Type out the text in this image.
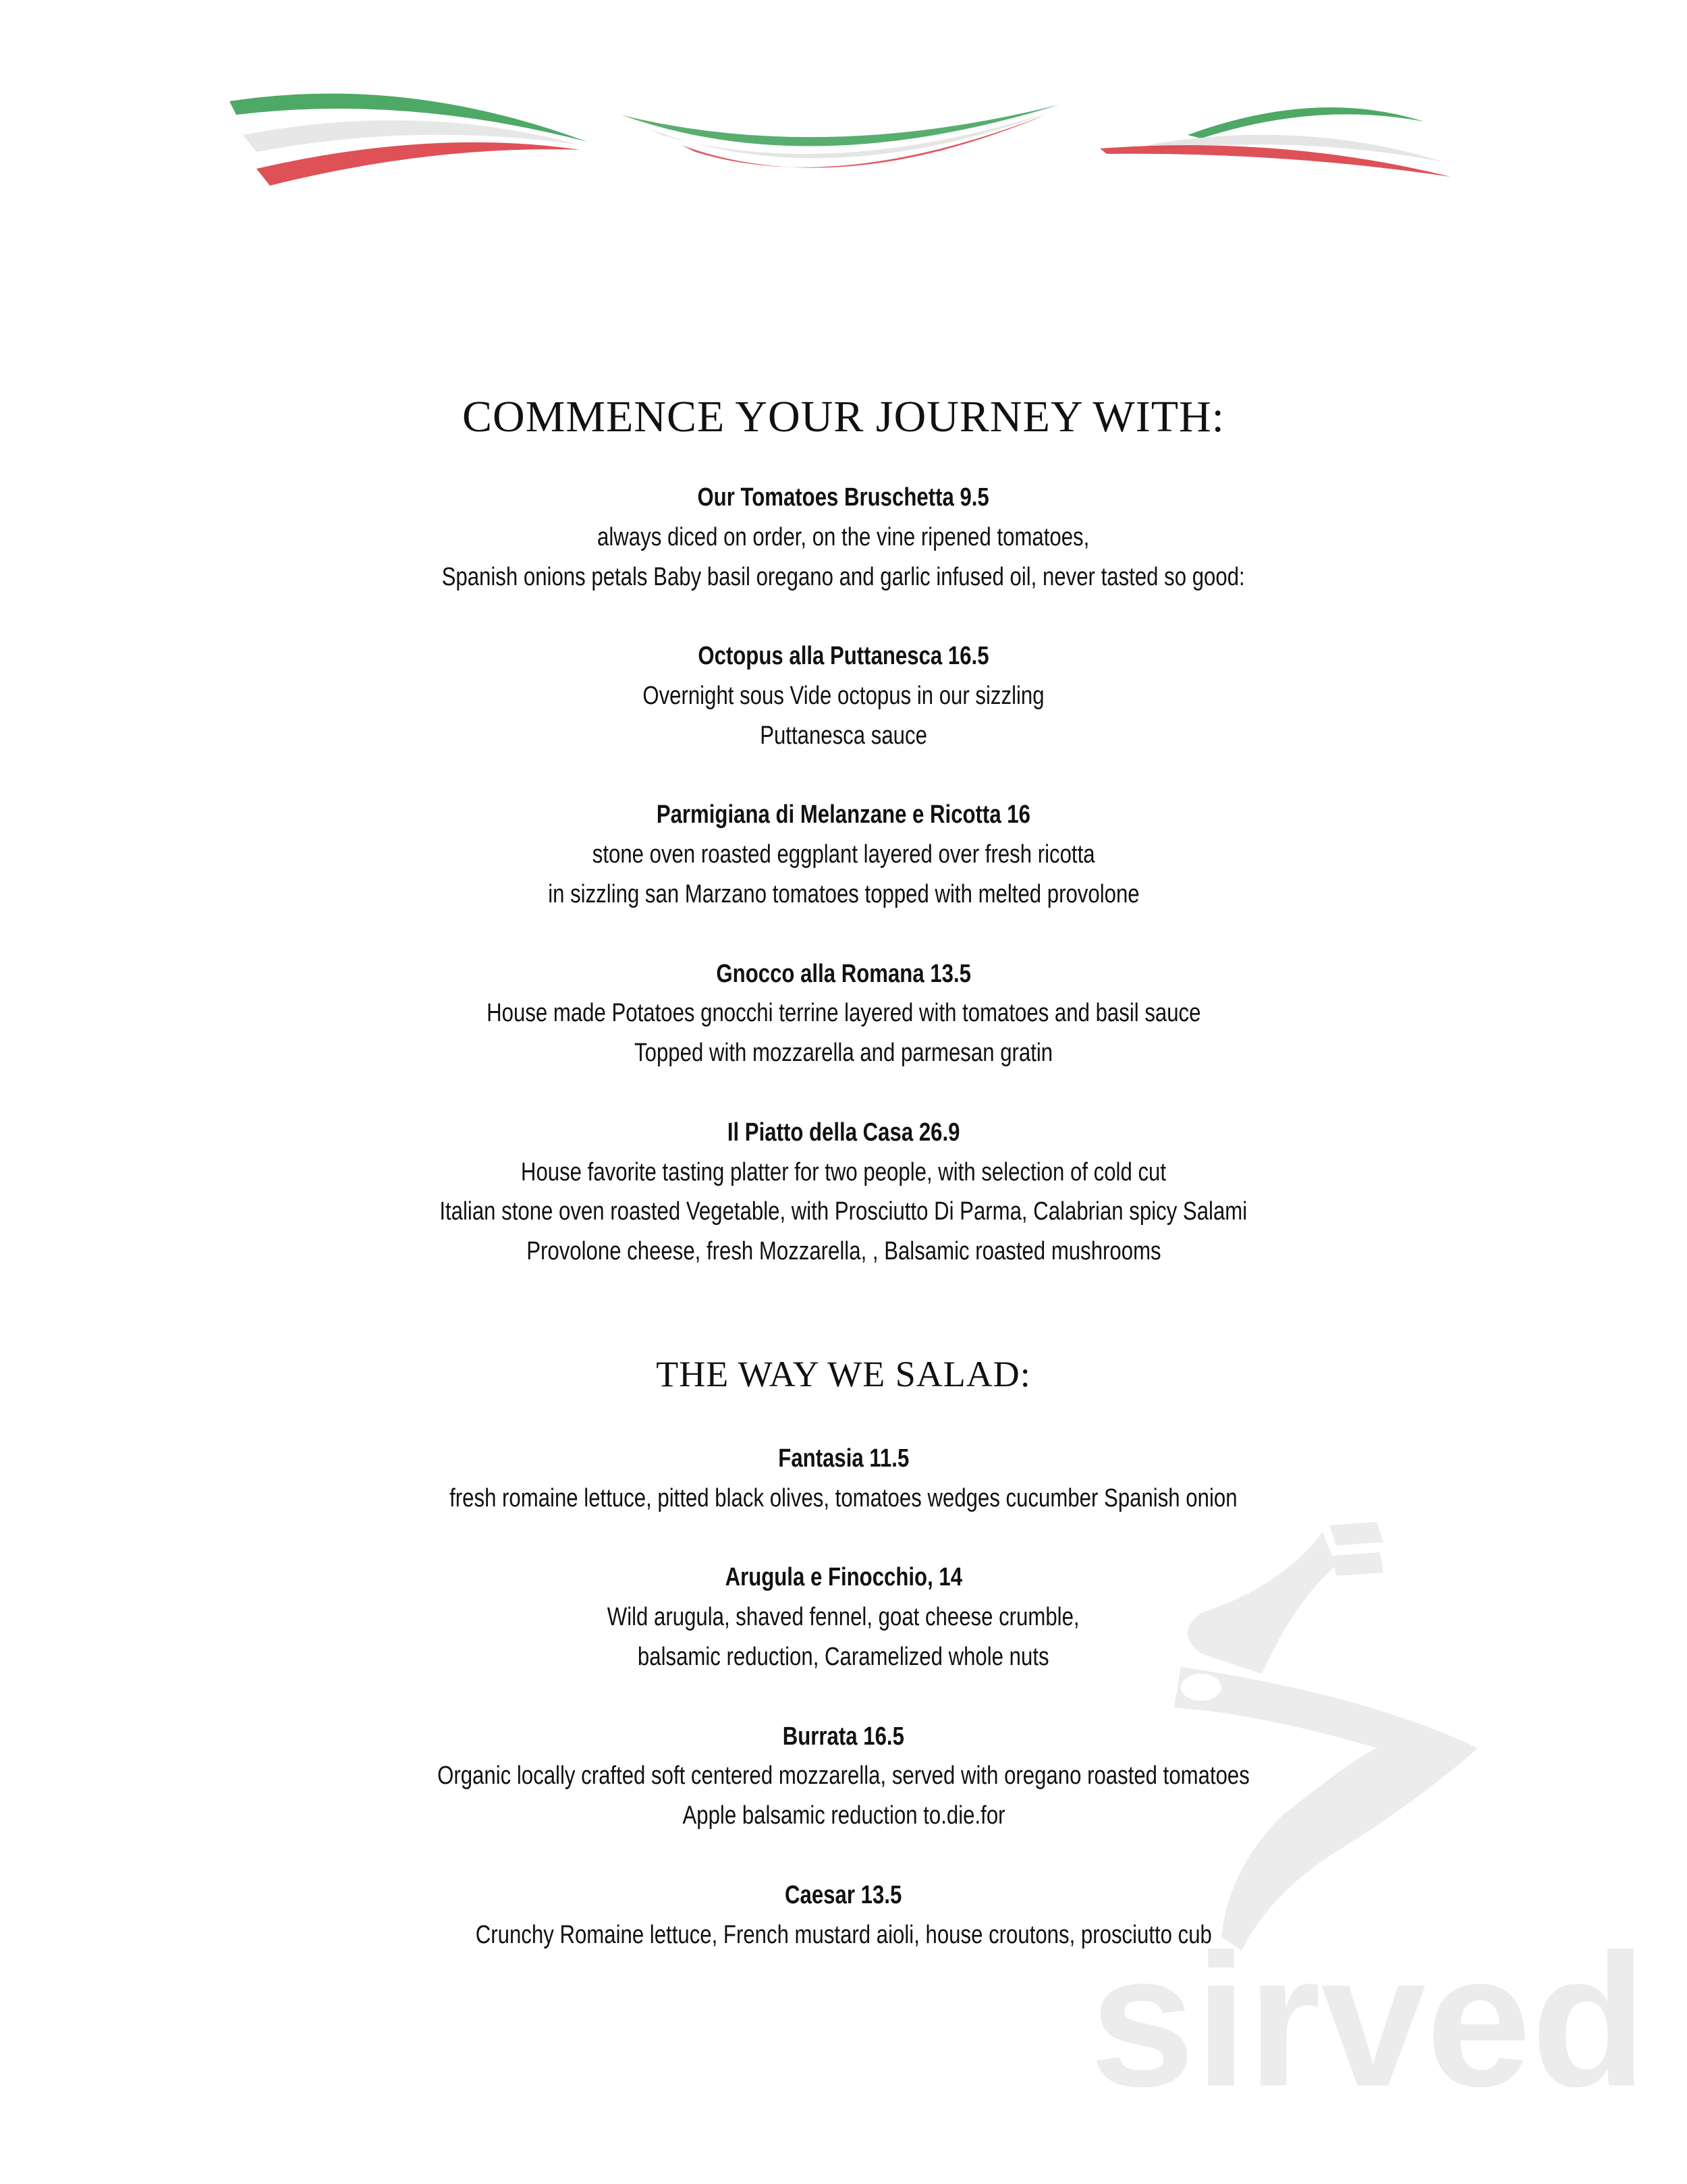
sirved
COMMENCE YOUR JOURNEY WITH:
Our Tomatoes Bruschetta 9.5
always diced on order, on the vine ripened tomatoes,
Spanish onions petals Baby basil oregano and garlic infused oil, never tasted so good:
Octopus alla Puttanesca 16.5
Overnight sous Vide octopus in our sizzling
Puttanesca sauce
Parmigiana di Melanzane e Ricotta 16
stone oven roasted eggplant layered over fresh ricotta
in sizzling san Marzano tomatoes topped with melted provolone
Gnocco alla Romana 13.5
House made Potatoes gnocchi terrine layered with tomatoes and basil sauce
Topped with mozzarella and parmesan gratin
Il Piatto della Casa 26.9
House favorite tasting platter for two people, with selection of cold cut
Italian stone oven roasted Vegetable, with Prosciutto Di Parma, Calabrian spicy Salami
Provolone cheese, fresh Mozzarella, , Balsamic roasted mushrooms
THE WAY WE SALAD:
Fantasia 11.5
fresh romaine lettuce, pitted black olives, tomatoes wedges cucumber Spanish onion
Arugula e Finocchio, 14
Wild arugula, shaved fennel, goat cheese crumble,
balsamic reduction, Caramelized whole nuts
Burrata 16.5
Organic locally crafted soft centered mozzarella, served with oregano roasted tomatoes
Apple balsamic reduction to.die.for
Caesar 13.5
Crunchy Romaine lettuce, French mustard aioli, house croutons, prosciutto cub
